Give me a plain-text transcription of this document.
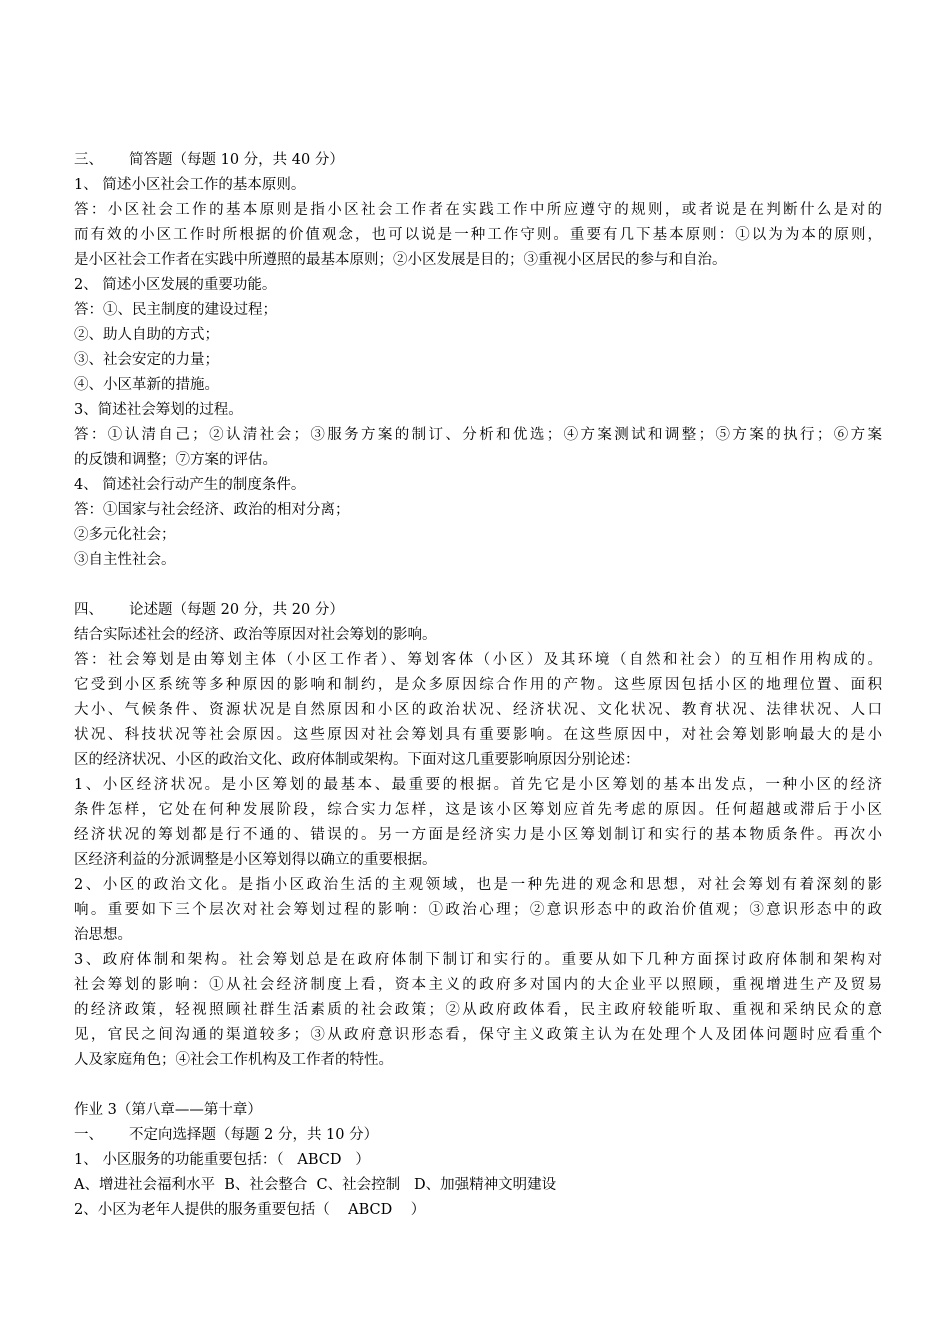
三、 简答题（每题 10 分，共 40 分）
1、 简述小区社会工作的基本原则。
答：小区社会工作的基本原则是指小区社会工作者在实践工作中所应遵守的规则，或者说是在判断什么是对的
而有效的小区工作时所根据的价值观念，也可以说是一种工作守则。重要有几下基本原则：①以为为本的原则，
是小区社会工作者在实践中所遵照的最基本原则；②小区发展是目的；③重视小区居民的参与和自治。
2、 简述小区发展的重要功能。
答：①、民主制度的建设过程；
②、助人自助的方式；
③、社会安定的力量；
④、小区革新的措施。
3、简述社会筹划的过程。
答：①认清自己；②认清社会；③服务方案的制订、分析和优选；④方案测试和调整；⑤方案的执行；⑥方案
的反馈和调整；⑦方案的评估。
4、 简述社会行动产生的制度条件。
答：①国家与社会经济、政治的相对分离；
②多元化社会；
③自主性社会。
四、 论述题（每题 20 分，共 20 分）
结合实际述社会的经济、政治等原因对社会筹划的影响。
答：社会筹划是由筹划主体（小区工作者）、筹划客体（小区）及其环境（自然和社会）的互相作用构成的。
它受到小区系统等多种原因的影响和制约，是众多原因综合作用的产物。这些原因包括小区的地理位置、面积
大小、气候条件、资源状况是自然原因和小区的政治状况、经济状况、文化状况、教育状况、法律状况、人口
状况、科技状况等社会原因。这些原因对社会筹划具有重要影响。在这些原因中，对社会筹划影响最大的是小
区的经济状况、小区的政治文化、政府体制或架构。下面对这几重要影响原因分别论述：
1、小区经济状况。是小区筹划的最基本、最重要的根据。首先它是小区筹划的基本出发点，一种小区的经济
条件怎样，它处在何种发展阶段，综合实力怎样，这是该小区筹划应首先考虑的原因。任何超越或滞后于小区
经济状况的筹划都是行不通的、错误的。另一方面是经济实力是小区筹划制订和实行的基本物质条件。再次小
区经济利益的分派调整是小区筹划得以确立的重要根据。
2、小区的政治文化。是指小区政治生活的主观领域，也是一种先进的观念和思想，对社会筹划有着深刻的影
响。重要如下三个层次对社会筹划过程的影响：①政治心理；②意识形态中的政治价值观；③意识形态中的政
治思想。
3、政府体制和架构。社会筹划总是在政府体制下制订和实行的。重要从如下几种方面探讨政府体制和架构对
社会筹划的影响：①从社会经济制度上看，资本主义的政府多对国内的大企业平以照顾，重视增进生产及贸易
的经济政策，轻视照顾社群生活素质的社会政策；②从政府政体看，民主政府较能听取、重视和采纳民众的意
见，官民之间沟通的渠道较多；③从政府意识形态看，保守主义政策主认为在处理个人及团体问题时应看重个
人及家庭角色；④社会工作机构及工作者的特性。
作业 3（第八章——第十章）
一、 不定向选择题（每题 2 分，共 10 分）
1、 小区服务的功能重要包括：（   ABCD   ）
A、增进社会福利水平  B、社会整合  C、社会控制   D、加强精神文明建设
2、小区为老年人提供的服务重要包括（    ABCD    ）
